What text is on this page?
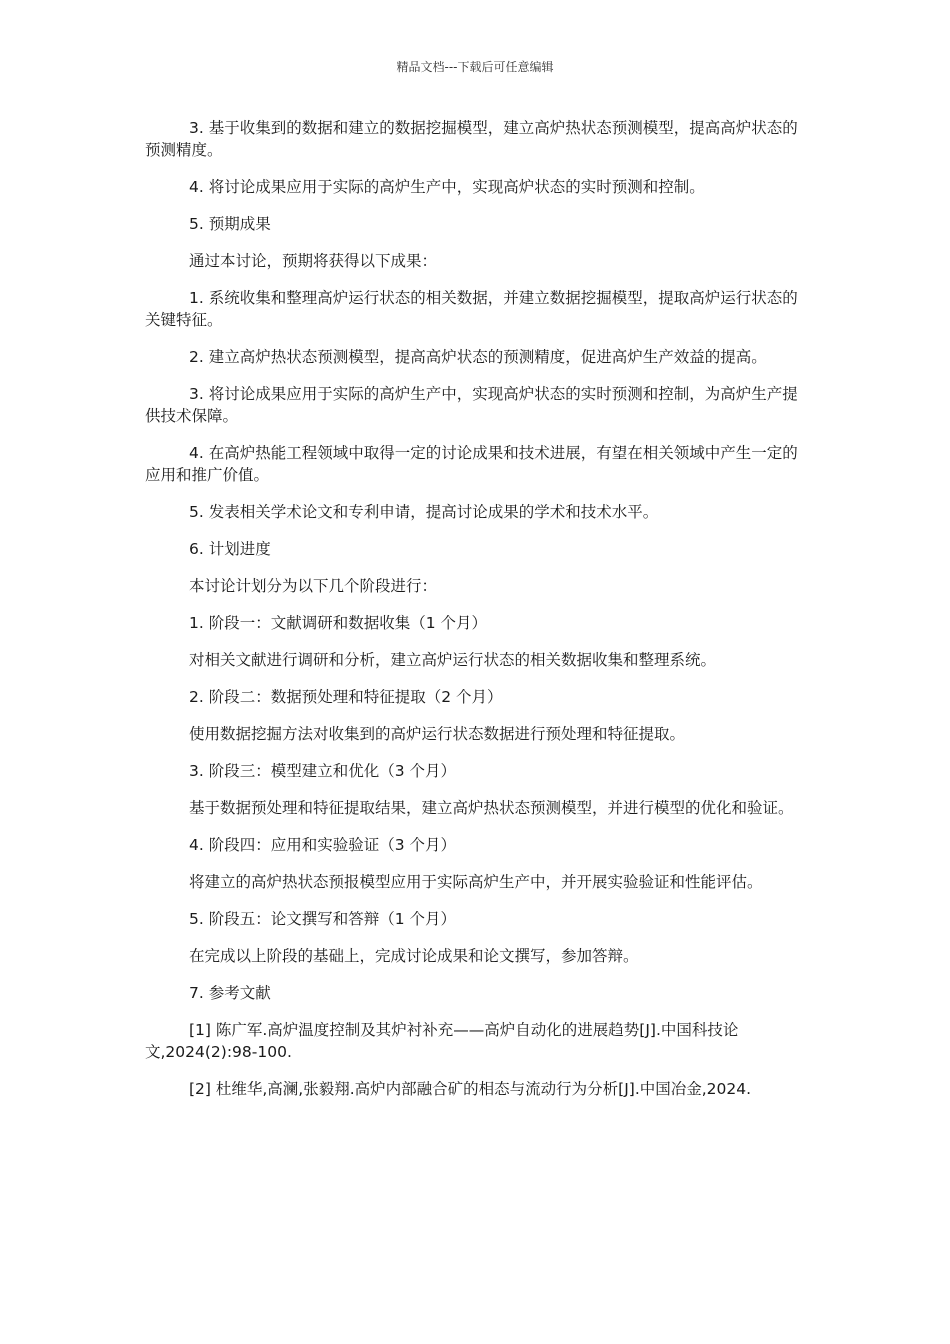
精品文档---下载后可任意编辑

3. 基于收集到的数据和建立的数据挖掘模型，建立高炉热状态预测模型，提高高炉状态的预测精度。

4. 将讨论成果应用于实际的高炉生产中，实现高炉状态的实时预测和控制。

5. 预期成果

通过本讨论，预期将获得以下成果：

1. 系统收集和整理高炉运行状态的相关数据，并建立数据挖掘模型，提取高炉运行状态的关键特征。

2. 建立高炉热状态预测模型，提高高炉状态的预测精度，促进高炉生产效益的提高。

3. 将讨论成果应用于实际的高炉生产中，实现高炉状态的实时预测和控制，为高炉生产提供技术保障。

4. 在高炉热能工程领域中取得一定的讨论成果和技术进展，有望在相关领域中产生一定的应用和推广价值。

5. 发表相关学术论文和专利申请，提高讨论成果的学术和技术水平。

6. 计划进度

本讨论计划分为以下几个阶段进行：

1. 阶段一：文献调研和数据收集（1 个月）

对相关文献进行调研和分析，建立高炉运行状态的相关数据收集和整理系统。

2. 阶段二：数据预处理和特征提取（2 个月）

使用数据挖掘方法对收集到的高炉运行状态数据进行预处理和特征提取。

3. 阶段三：模型建立和优化（3 个月）

基于数据预处理和特征提取结果，建立高炉热状态预测模型，并进行模型的优化和验证。

4. 阶段四：应用和实验验证（3 个月）

将建立的高炉热状态预报模型应用于实际高炉生产中，并开展实验验证和性能评估。

5. 阶段五：论文撰写和答辩（1 个月）

在完成以上阶段的基础上，完成讨论成果和论文撰写，参加答辩。

7. 参考文献

[1] 陈广军.高炉温度控制及其炉衬补充——高炉自动化的进展趋势[J].中国科技论文,2024(2):98-100.

[2] 杜维华,高澜,张毅翔.高炉内部融合矿的相态与流动行为分析[J].中国冶金,2024.
